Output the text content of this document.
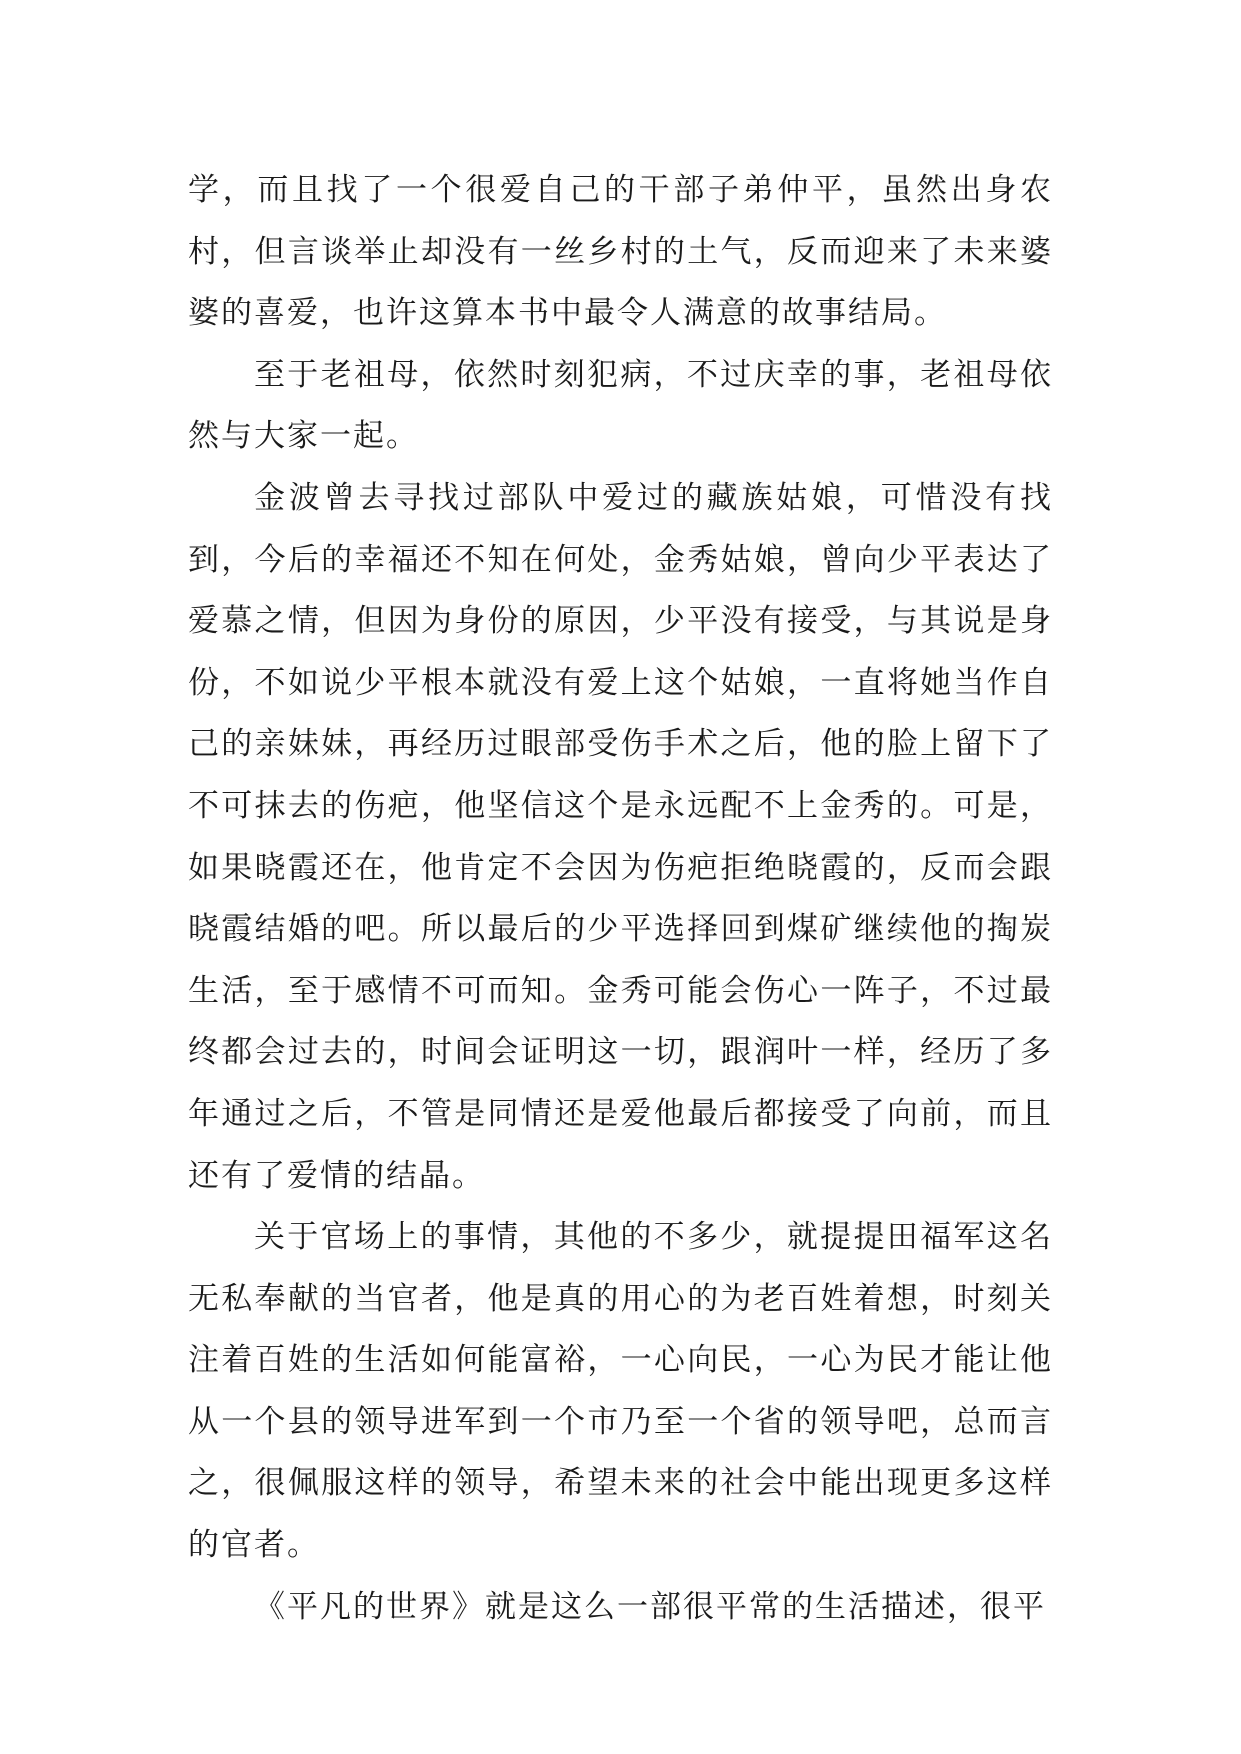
学，而且找了一个很爱自己的干部子弟仲平，虽然出身农村，但言谈举止却没有一丝乡村的土气，反而迎来了未来婆婆的喜爱，也许这算本书中最令人满意的故事结局。

至于老祖母，依然时刻犯病，不过庆幸的事，老祖母依然与大家一起。

金波曾去寻找过部队中爱过的藏族姑娘，可惜没有找到，今后的幸福还不知在何处，金秀姑娘，曾向少平表达了爱慕之情，但因为身份的原因，少平没有接受，与其说是身份，不如说少平根本就没有爱上这个姑娘，一直将她当作自己的亲妹妹，再经历过眼部受伤手术之后，他的脸上留下了不可抹去的伤疤，他坚信这个是永远配不上金秀的。可是，如果晓霞还在，他肯定不会因为伤疤拒绝晓霞的，反而会跟晓霞结婚的吧。所以最后的少平选择回到煤矿继续他的掏炭生活，至于感情不可而知。金秀可能会伤心一阵子，不过最终都会过去的，时间会证明这一切，跟润叶一样，经历了多年通过之后，不管是同情还是爱他最后都接受了向前，而且还有了爱情的结晶。

关于官场上的事情，其他的不多少，就提提田福军这名无私奉献的当官者，他是真的用心的为老百姓着想，时刻关注着百姓的生活如何能富裕，一心向民，一心为民才能让他从一个县的领导进军到一个市乃至一个省的领导吧，总而言之，很佩服这样的领导，希望未来的社会中能出现更多这样的官者。

《平凡的世界》就是这么一部很平常的生活描述，很平
